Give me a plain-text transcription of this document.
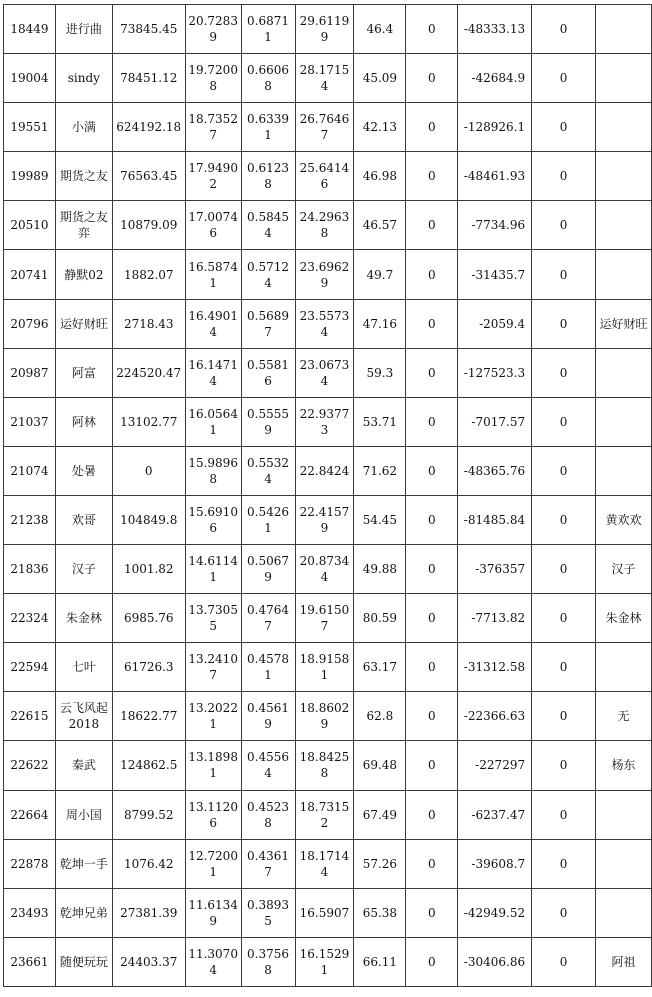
18449	进行曲	73845.45	20.72839	0.68711	29.61199	46.4	0	-48333.13	0	
19004	sindy	78451.12	19.72008	0.66068	28.17154	45.09	0	-42684.9	0	
19551	小满	624192.18	18.73527	0.63391	26.76467	42.13	0	-128926.1	0	
19989	期货之友	76563.45	17.94902	0.61238	25.64146	46.98	0	-48461.93	0	
20510	期货之友弈	10879.09	17.00746	0.58454	24.29638	46.57	0	-7734.96	0	
20741	静默02	1882.07	16.58741	0.57124	23.69629	49.7	0	-31435.7	0	
20796	运好财旺	2718.43	16.49014	0.56897	23.55734	47.16	0	-2059.4	0	运好财旺
20987	阿富	224520.47	16.14714	0.55816	23.06734	59.3	0	-127523.3	0	
21037	阿林	13102.77	16.05641	0.55559	22.93773	53.71	0	-7017.57	0	
21074	处暑	0	15.98968	0.55324	22.8424	71.62	0	-48365.76	0	
21238	欢哥	104849.8	15.69106	0.54261	22.41579	54.45	0	-81485.84	0	黄欢欢
21836	汉子	1001.82	14.61141	0.50679	20.87344	49.88	0	-376357	0	汉子
22324	朱金林	6985.76	13.73055	0.47647	19.61507	80.59	0	-7713.82	0	朱金林
22594	七叶	61726.3	13.24107	0.45781	18.91581	63.17	0	-31312.58	0	
22615	云飞风起2018	18622.77	13.20221	0.45619	18.86029	62.8	0	-22366.63	0	无
22622	秦武	124862.5	13.18981	0.45564	18.84258	69.48	0	-227297	0	杨东
22664	周小国	8799.52	13.11206	0.45238	18.73152	67.49	0	-6237.47	0	
22878	乾坤一手	1076.42	12.72001	0.43617	18.17144	57.26	0	-39608.7	0	
23493	乾坤兄弟	27381.39	11.61349	0.38935	16.5907	65.38	0	-42949.52	0	
23661	随便玩玩	24403.37	11.30704	0.37568	16.15291	66.11	0	-30406.86	0	阿祖
